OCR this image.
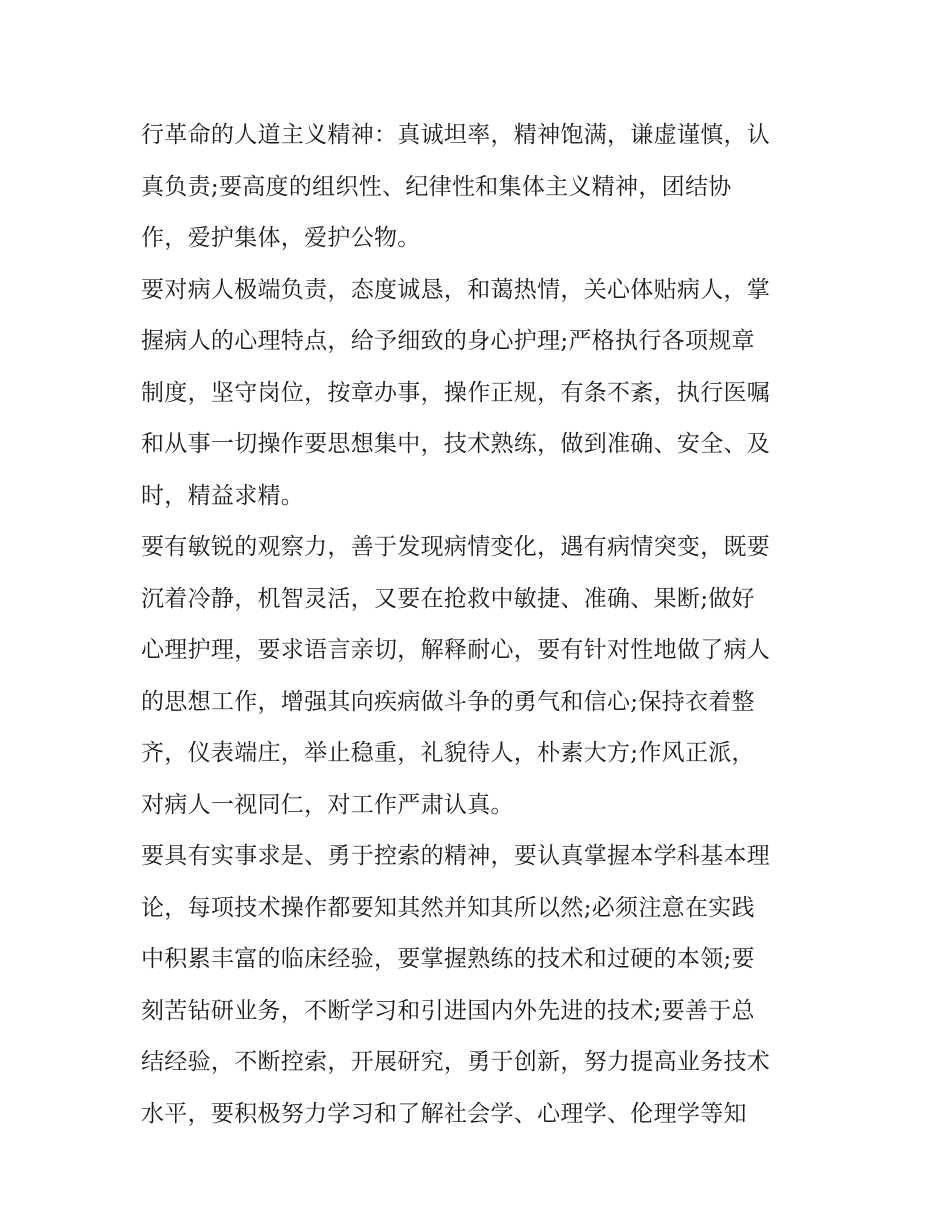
行革命的人道主义精神：真诚坦率，精神饱满，谦虚谨慎，认
真负责;要高度的组织性、纪律性和集体主义精神，团结协
作，爱护集体，爱护公物。
要对病人极端负责，态度诚恳，和蔼热情，关心体贴病人，掌
握病人的心理特点，给予细致的身心护理;严格执行各项规章
制度，坚守岗位，按章办事，操作正规，有条不紊，执行医嘱
和从事一切操作要思想集中，技术熟练，做到准确、安全、及
时，精益求精。
要有敏锐的观察力，善于发现病情变化，遇有病情突变，既要
沉着冷静，机智灵活，又要在抢救中敏捷、准确、果断;做好
心理护理，要求语言亲切，解释耐心，要有针对性地做了病人
的思想工作，增强其向疾病做斗争的勇气和信心;保持衣着整
齐，仪表端庄，举止稳重，礼貌待人，朴素大方;作风正派，
对病人一视同仁，对工作严肃认真。
要具有实事求是、勇于控索的精神，要认真掌握本学科基本理
论，每项技术操作都要知其然并知其所以然;必须注意在实践
中积累丰富的临床经验，要掌握熟练的技术和过硬的本领;要
刻苦钻研业务，不断学习和引进国内外先进的技术;要善于总
结经验，不断控索，开展研究，勇于创新，努力提高业务技术
水平，要积极努力学习和了解社会学、心理学、伦理学等知
